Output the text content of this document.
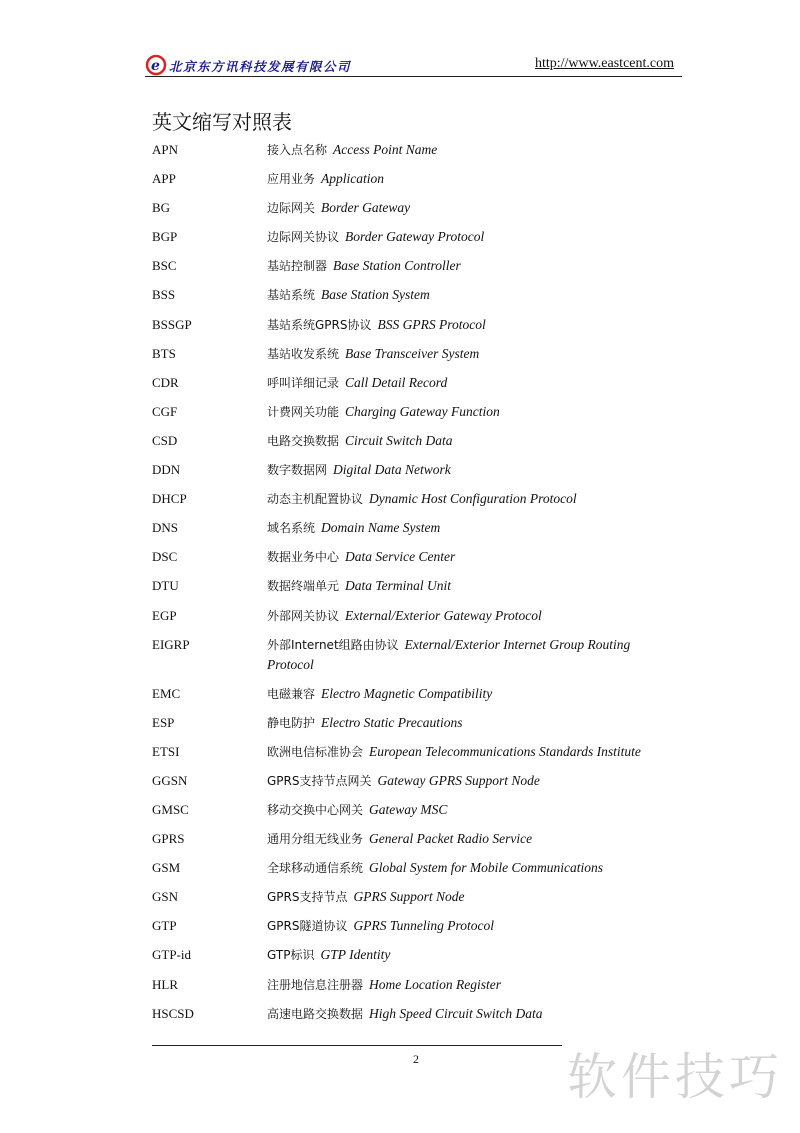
e 北京东方讯科技发展有限公司	http://www.eastcent.com
英文缩写对照表
APN	接入点名称 Access Point Name
APP	应用业务 Application
BG	边际网关 Border Gateway
BGP	边际网关协议 Border Gateway Protocol
BSC	基站控制器 Base Station Controller
BSS	基站系统 Base Station System
BSSGP	基站系统GPRS协议 BSS GPRS Protocol
BTS	基站收发系统 Base Transceiver System
CDR	呼叫详细记录 Call Detail Record
CGF	计费网关功能 Charging Gateway Function
CSD	电路交换数据 Circuit Switch Data
DDN	数字数据网 Digital Data Network
DHCP	动态主机配置协议 Dynamic Host Configuration Protocol
DNS	域名系统 Domain Name System
DSC	数据业务中心 Data Service Center
DTU	数据终端单元 Data Terminal Unit
EGP	外部网关协议 External/Exterior Gateway Protocol
EIGRP	外部Internet组路由协议 External/Exterior Internet Group Routing Protocol
EMC	电磁兼容 Electro Magnetic Compatibility
ESP	静电防护 Electro Static Precautions
ETSI	欧洲电信标准协会 European Telecommunications Standards Institute
GGSN	GPRS支持节点网关 Gateway GPRS Support Node
GMSC	移动交换中心网关 Gateway MSC
GPRS	通用分组无线业务 General Packet Radio Service
GSM	全球移动通信系统 Global System for Mobile Communications
GSN	GPRS支持节点 GPRS Support Node
GTP	GPRS隧道协议 GPRS Tunneling Protocol
GTP-id	GTP标识 GTP Identity
HLR	注册地信息注册器 Home Location Register
HSCSD	高速电路交换数据 High Speed Circuit Switch Data
2	软件技巧
